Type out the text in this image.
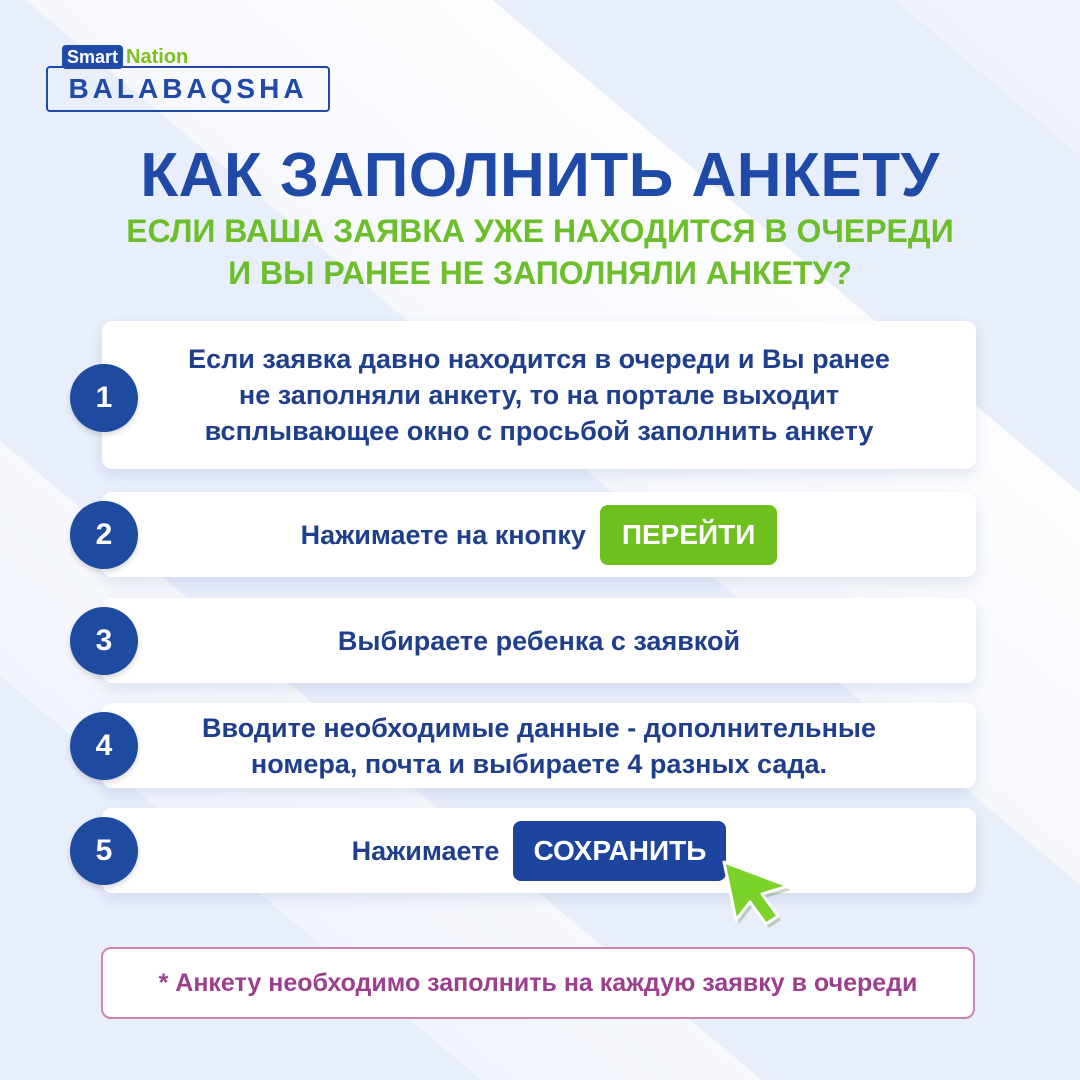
Smart Nation
BALABAQSHA
КАК ЗАПОЛНИТЬ АНКЕТУ
ЕСЛИ ВАША ЗАЯВКА УЖЕ НАХОДИТСЯ В ОЧЕРЕДИ
И ВЫ РАНЕЕ НЕ ЗАПОЛНЯЛИ АНКЕТУ?
Если заявка давно находится в очереди и Вы ранее
не заполняли анкету, то на портале выходит
всплывающее окно с просьбой заполнить анкету
1
Нажимаете на кнопку	ПЕРЕЙТИ
2
Выбираете ребенка с заявкой
3
Вводите необходимые данные - дополнительные
номера, почта и выбираете 4 разных сада.
4
Нажимаете	СОХРАНИТЬ
5
* Анкету необходимо заполнить на каждую заявку в очереди
